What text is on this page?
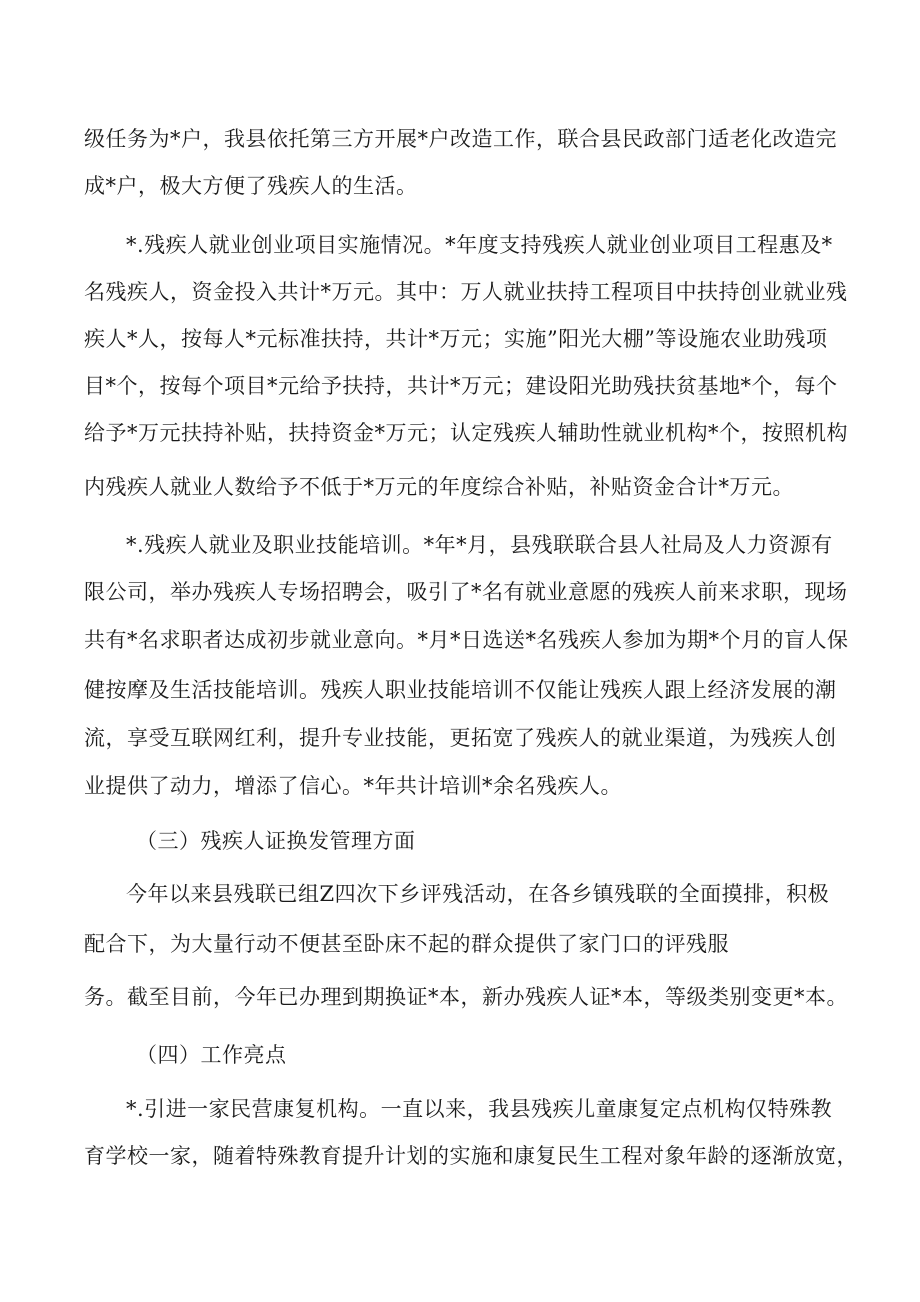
级任务为*户，我县依托第三方开展*户改造工作，联合县民政部门适老化改造完
成*户，极大方便了残疾人的生活。
*.残疾人就业创业项目实施情况。*年度支持残疾人就业创业项目工程惠及*
名残疾人，资金投入共计*万元。其中：万人就业扶持工程项目中扶持创业就业残
疾人*人，按每人*元标准扶持，共计*万元；实施”阳光大棚”等设施农业助残项
目*个，按每个项目*元给予扶持，共计*万元；建设阳光助残扶贫基地*个，每个
给予*万元扶持补贴，扶持资金*万元；认定残疾人辅助性就业机构*个，按照机构
内残疾人就业人数给予不低于*万元的年度综合补贴，补贴资金合计*万元。
*.残疾人就业及职业技能培训。*年*月，县残联联合县人社局及人力资源有
限公司，举办残疾人专场招聘会，吸引了*名有就业意愿的残疾人前来求职，现场
共有*名求职者达成初步就业意向。*月*日选送*名残疾人参加为期*个月的盲人保
健按摩及生活技能培训。残疾人职业技能培训不仅能让残疾人跟上经济发展的潮
流，享受互联网红利，提升专业技能，更拓宽了残疾人的就业渠道，为残疾人创
业提供了动力，增添了信心。*年共计培训*余名残疾人。
（三）残疾人证换发管理方面
今年以来县残联已组Z四次下乡评残活动，在各乡镇残联的全面摸排，积极
配合下，为大量行动不便甚至卧床不起的群众提供了家门口的评残服
务。截至目前，今年已办理到期换证*本，新办残疾人证*本，等级类别变更*本。
（四）工作亮点
*.引进一家民营康复机构。一直以来，我县残疾儿童康复定点机构仅特殊教
育学校一家，随着特殊教育提升计划的实施和康复民生工程对象年龄的逐渐放宽，
